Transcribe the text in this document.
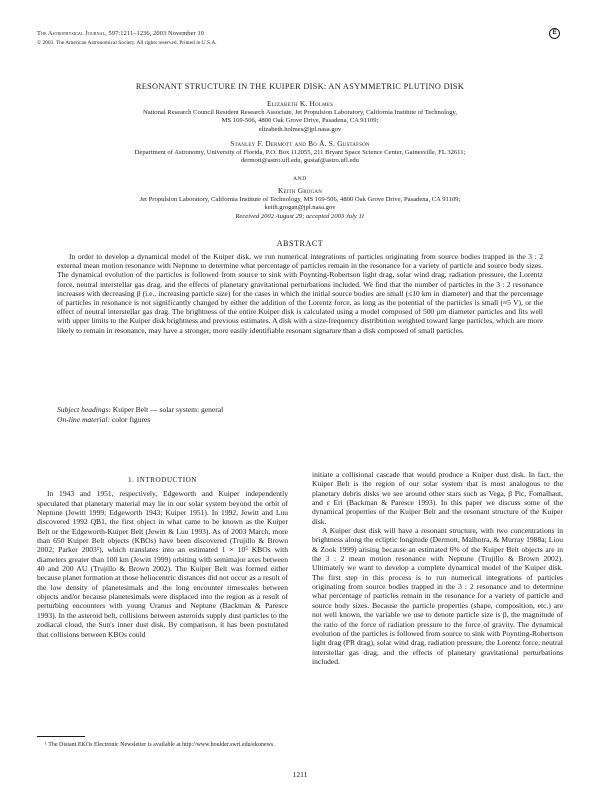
The Astrophysical Journal, 597:1211–1236, 2003 November 10
© 2003. The American Astronomical Society. All rights reserved. Printed in U.S.A.
E
RESONANT STRUCTURE IN THE KUIPER DISK: AN ASYMMETRIC PLUTINO DISK
Elizabeth K. Holmes
National Research Council Resident Research Associate, Jet Propulsion Laboratory, California Institute of Technology,
MS 169-506, 4800 Oak Grove Drive, Pasadena, CA 91109;
elizabeth.holmes@jpl.nasa.gov
Stanley F. Dermott and Bo Å. S. Gustafson
Department of Astronomy, University of Florida, P.O. Box 112055, 211 Bryant Space Science Center, Gainesville, FL 32611;
dermott@astro.ufl.edu, gustaf@astro.ufl.edu
AND
Keith Grogan
Jet Propulsion Laboratory, California Institute of Technology, MS 169-506, 4800 Oak Grove Drive, Pasadena, CA 91109;
keith.grogan@jpl.nasa.gov
Received 2002 August 29; accepted 2003 July 11
ABSTRACT
In order to develop a dynamical model of the Kuiper disk, we run numerical integrations of particles originating from source bodies trapped in the 3 : 2 external mean motion resonance with Neptune to determine what percentage of particles remain in the resonance for a variety of particle and source body sizes. The dynamical evolution of the particles is followed from source to sink with Poynting-Robertson light drag, solar wind drag, radiation pressure, the Lorentz force, neutral interstellar gas drag, and the effects of planetary gravitational perturbations included. We find that the number of particles in the 3 : 2 resonance increases with decreasing β (i.e., increasing particle size) for the cases in which the initial source bodies are small (≤10 km in diameter) and that the percentage of particles in resonance is not significantly changed by either the addition of the Lorentz force, as long as the potential of the particles is small (≈5 V), or the effect of neutral interstellar gas drag. The brightness of the entire Kuiper disk is calculated using a model composed of 500 μm diameter particles and fits well with upper limits to the Kuiper disk brightness and previous estimates. A disk with a size-frequency distribution weighted toward large particles, which are more likely to remain in resonance, may have a stronger, more easily identifiable resonant signature than a disk composed of small particles.
Subject headings: Kuiper Belt — solar system: general
On-line material: color figures
1. INTRODUCTION

In 1943 and 1951, respectively, Edgeworth and Kuiper independently speculated that planetary material may lie in our solar system beyond the orbit of Neptune (Jewitt 1999; Edgeworth 1943; Kuiper 1951). In 1992, Jewitt and Luu discovered 1992 QB1, the first object in what came to be known as the Kuiper Belt or the Edgeworth-Kuiper Belt (Jewitt & Luu 1993). As of 2003 March, more than 650 Kuiper Belt objects (KBOs) have been discovered (Trujillo & Brown 2002; Parker 2003¹), which translates into an estimated 1 × 10⁵ KBOs with diameters greater than 100 km (Jewitt 1999) orbiting with semimajor axes between 40 and 200 AU (Trujillo & Brown 2002). The Kuiper Belt was formed either because planet formation at those heliocentric distances did not occur as a result of the low density of planetesimals and the long encounter timescales between objects and/or because planetesimals were displaced into the region as a result of perturbing encounters with young Uranus and Neptune (Backman & Paresce 1993). In the asteroid belt, collisions between asteroids supply dust particles to the zodiacal cloud, the Sun's inner dust disk. By comparison, it has been postulated that collisions between KBOs could

initiate a collisional cascade that would produce a Kuiper dust disk. In fact, the Kuiper Belt is the region of our solar system that is most analogous to the planetary debris disks we see around other stars such as Vega, β Pic, Fomalhaut, and ε Eri (Backman & Paresce 1993). In this paper we discuss some of the dynamical properties of the Kuiper Belt and the resonant structure of the Kuiper disk.

A Kuiper dust disk will have a resonant structure, with two concentrations in brightness along the ecliptic longitude (Dermott, Malhotra, & Murray 1988a; Liou & Zook 1999) arising because an estimated 6% of the Kuiper Belt objects are in the 3 : 2 mean motion resonance with Neptune (Trujillo & Brown 2002). Ultimately we want to develop a complete dynamical model of the Kuiper disk. The first step in this process is to run numerical integrations of particles originating from source bodies trapped in the 3 : 2 resonance and to determine what percentage of particles remain in the resonance for a variety of particle and source body sizes. Because the particle properties (shape, composition, etc.) are not well known, the variable we use to denote particle size is β, the magnitude of the ratio of the force of radiation pressure to the force of gravity. The dynamical evolution of the particles is followed from source to sink with Poynting-Robertson light drag (PR drag), solar wind drag, radiation pressure, the Lorentz force, neutral interstellar gas drag, and the effects of planetary gravitational perturbations included.

¹ The Distant EKOs Electronic Newsletter is available at http://www.boulder.swri.edu/ekonews.
1211
